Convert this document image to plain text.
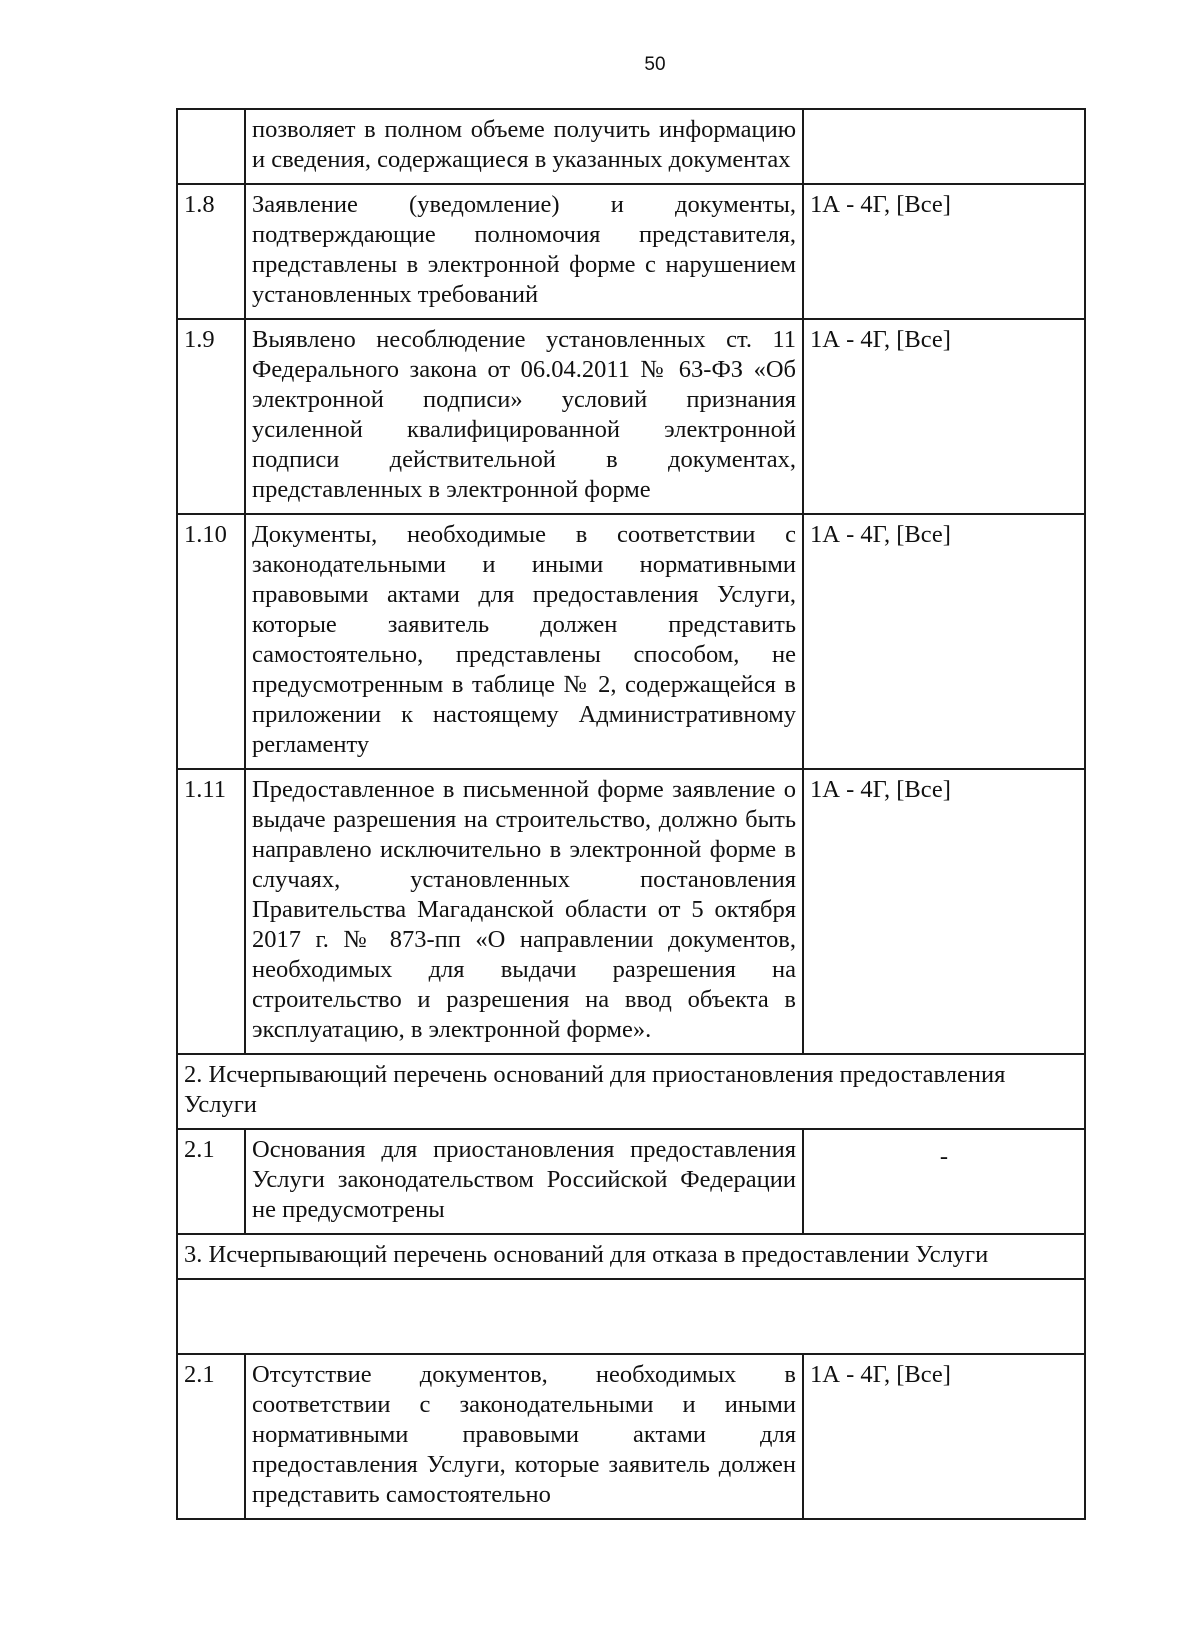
50
	позволяет в полном объеме получить информацию и сведения, содержащиеся в указанных документах	
1.8	Заявление (уведомление) и документы, подтверждающие полномочия представителя, представлены в электронной форме с нарушением установленных требований	1А - 4Г, [Все]
1.9	Выявлено несоблюдение установленных ст. 11 Федерального закона от 06.04.2011 № 63-ФЗ «Об электронной подписи» условий признания усиленной квалифицированной электронной подписи действительной в документах, представленных в электронной форме	1А - 4Г, [Все]
1.10	Документы, необходимые в соответствии с законодательными и иными нормативными правовыми актами для предоставления Услуги, которые заявитель должен представить самостоятельно, представлены способом, не предусмотренным в таблице № 2, содержащейся в приложении к настоящему Административному регламенту	1А - 4Г, [Все]
1.11	Предоставленное в письменной форме заявление о выдаче разрешения на строительство, должно быть направлено исключительно в электронной форме в случаях, установленных постановления Правительства Магаданской области от 5 октября 2017 г. № 873-пп «О направлении документов, необходимых для выдачи разрешения на строительство и разрешения на ввод объекта в эксплуатацию, в электронной форме».	1А - 4Г, [Все]
2. Исчерпывающий перечень оснований для приостановления предоставления Услуги		
2.1	Основания для приостановления предоставления Услуги законодательством Российской Федерации не предусмотрены	-
3. Исчерпывающий перечень оснований для отказа в предоставлении Услуги		

2.1	Отсутствие документов, необходимых в соответствии с законодательными и иными нормативными правовыми актами для предоставления Услуги, которые заявитель должен представить самостоятельно	1А - 4Г, [Все]
